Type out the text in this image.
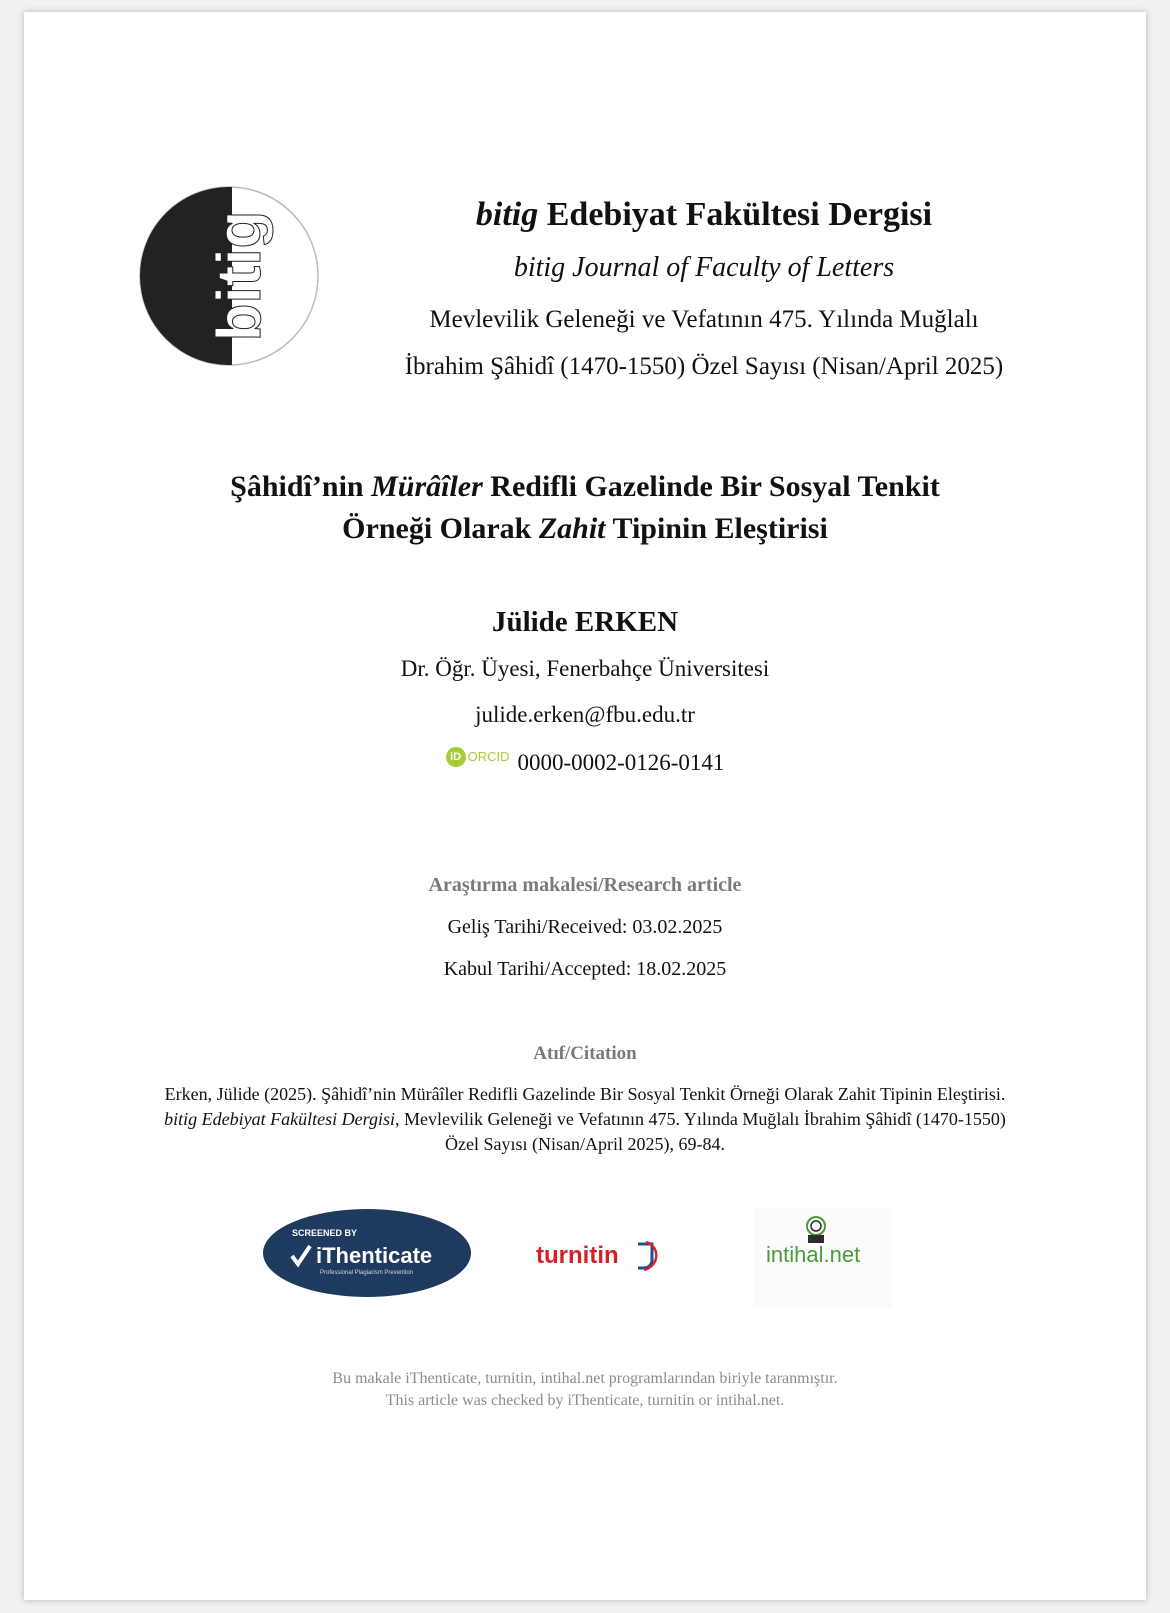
bitig	bitig Edebiyat Fakültesi Dergisi

bitig Journal of Faculty of Letters

Mevlevilik Geleneği ve Vefatının 475. Yılında Muğlalı

İbrahim Şâhidî (1470-1550) Özel Sayısı (Nisan/April 2025)

Şâhidî’nin Mürâîler Redifli Gazelinde Bir Sosyal Tenkit
Örneği Olarak Zahit Tipinin Eleştirisi
Jülide ERKEN
Dr. Öğr. Üyesi, Fenerbahçe Üniversitesi
julide.erken@fbu.edu.tr
iD ORCID 0000-0002-0126-0141
Araştırma makalesi/Research article
Geliş Tarihi/Received: 03.02.2025
Kabul Tarihi/Accepted: 18.02.2025
Atıf/Citation
Erken, Jülide (2025). Şâhidî’nin Mürâîler Redifli Gazelinde Bir Sosyal Tenkit Örneği Olarak Zahit Tipinin Eleştirisi. bitig Edebiyat Fakültesi Dergisi, Mevlevilik Geleneği ve Vefatının 475. Yılında Muğlalı İbrahim Şâhidî (1470-1550) Özel Sayısı (Nisan/April 2025), 69-84.
SCREENED BY
iThenticate
Professional Plagiarism Prevention
turnitin	intihal.net
Bu makale iThenticate, turnitin, intihal.net programlarından biriyle taranmıştır.
This article was checked by iThenticate, turnitin or intihal.net.
